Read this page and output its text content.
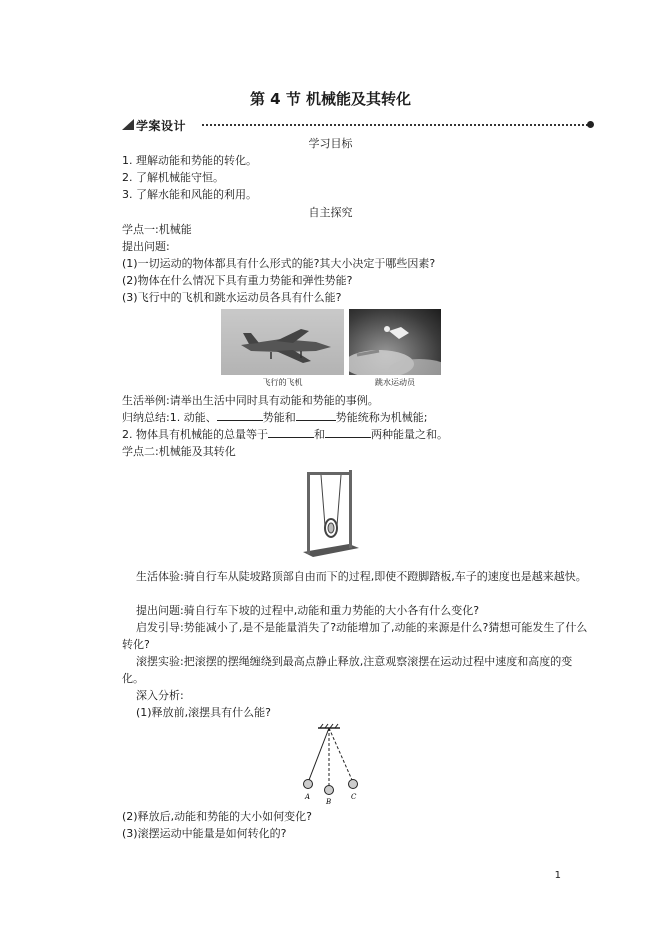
第 4 节 机械能及其转化
学案设计
学习目标
1. 理解动能和势能的转化。
2. 了解机械能守恒。
3. 了解水能和风能的利用。
自主探究
学点一:机械能
提出问题:
(1)一切运动的物体都具有什么形式的能?其大小决定于哪些因素?
(2)物体在什么情况下具有重力势能和弹性势能?
(3)飞行中的飞机和跳水运动员各具有什么能?
飞行的飞机	跳水运动员
生活举例:请举出生活中同时具有动能和势能的事例。
归纳总结:1. 动能、	势能和	势能统称为机械能;
2. 物体具有机械能的总量等于	和	两种能量之和。
学点二:机械能及其转化
生活体验:骑自行车从陡坡路顶部自由而下的过程,即使不蹬脚踏板,车子的速度也是越来越快。
提出问题:骑自行车下坡的过程中,动能和重力势能的大小各有什么变化?
启发引导:势能减小了,是不是能量消失了?动能增加了,动能的来源是什么?猜想可能发生了什么转化?
滚摆实验:把滚摆的摆绳缠绕到最高点静止释放,注意观察滚摆在运动过程中速度和高度的变化。
深入分析:
(1)释放前,滚摆具有什么能?
A
B
C
(2)释放后,动能和势能的大小如何变化?
(3)滚摆运动中能量是如何转化的?
1
